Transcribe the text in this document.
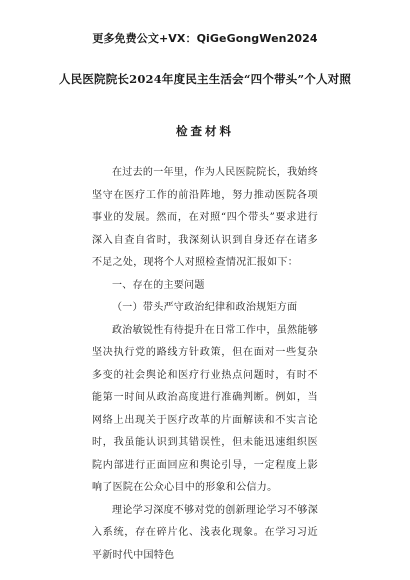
更多免费公文+VX：QiGeGongWen2024
人民医院院长2024年度民主生活会“四个带头”个人对照
检查材料

在过去的一年里，作为人民医院院长，我始终坚守在医疗工作的前沿阵地，努力推动医院各项事业的发展。然而，在对照“四个带头”要求进行深入自查自省时，我深刻认识到自身还存在诸多不足之处，现将个人对照检查情况汇报如下：

一、存在的主要问题

（一）带头严守政治纪律和政治规矩方面

政治敏锐性有待提升在日常工作中，虽然能够坚决执行党的路线方针政策，但在面对一些复杂多变的社会舆论和医疗行业热点问题时，有时不能第一时间从政治高度进行准确判断。例如，当网络上出现关于医疗改革的片面解读和不实言论时，我虽能认识到其错误性，但未能迅速组织医院内部进行正面回应和舆论引导，一定程度上影响了医院在公众心目中的形象和公信力。

理论学习深度不够对党的创新理论学习不够深入系统，存在碎片化、浅表化现象。在学习习近平新时代中国特色
